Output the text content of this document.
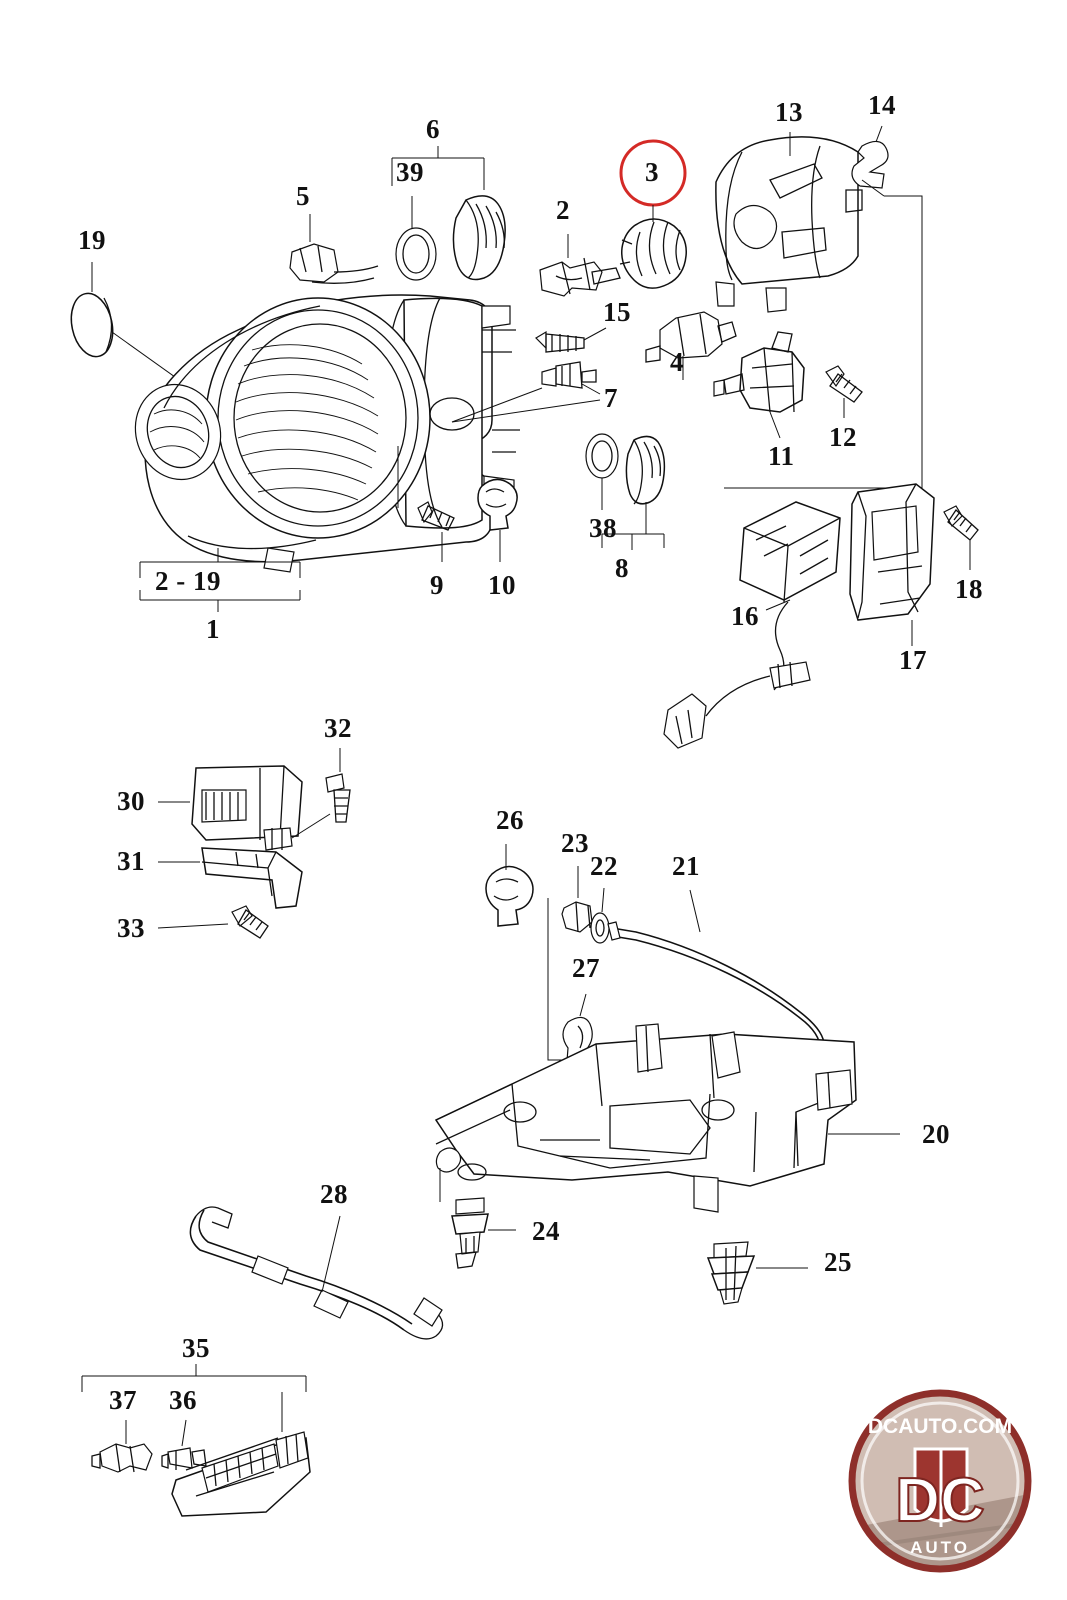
19
5
39
6
2
3
13 14
15
4
7
11
12
38
8
9 10
2 - 19
1	16
17
18
32
30
31
33
26
23
22 21
27
20
24
25
28
35
37 36
DCAUTO.COM
DC
AUTO
